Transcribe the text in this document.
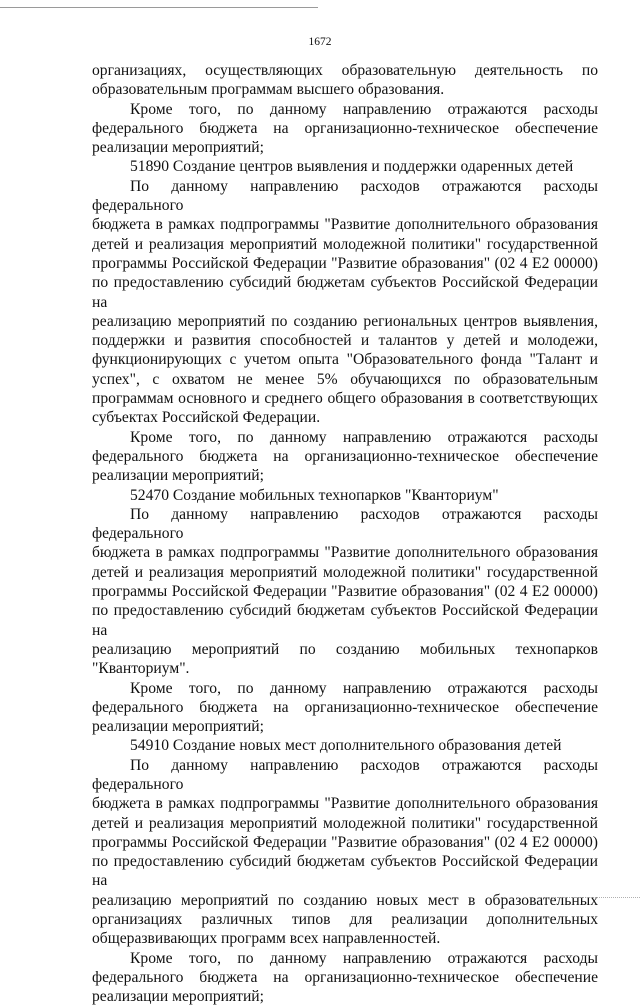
1672

организациях, осуществляющих образовательную деятельность по

образовательным программам высшего образования.

Кроме того, по данному направлению отражаются расходы

федерального бюджета на организационно-техническое обеспечение

реализации мероприятий;

51890 Создание центров выявления и поддержки одаренных детей

По данному направлению расходов отражаются расходы федерального

бюджета в рамках подпрограммы "Развитие дополнительного образования

детей и реализация мероприятий молодежной политики" государственной

программы Российской Федерации "Развитие образования" (02 4 Е2 00000)

по предоставлению субсидий бюджетам субъектов Российской Федерации на

реализацию мероприятий по созданию региональных центров выявления,

поддержки и развития способностей и талантов у детей и молодежи,

функционирующих с учетом опыта "Образовательного фонда "Талант и

успех", с охватом не менее 5% обучающихся по образовательным

программам основного и среднего общего образования в соответствующих

субъектах Российской Федерации.

Кроме того, по данному направлению отражаются расходы

федерального бюджета на организационно-техническое обеспечение

реализации мероприятий;

52470 Создание мобильных технопарков "Кванториум"

По данному направлению расходов отражаются расходы федерального

бюджета в рамках подпрограммы "Развитие дополнительного образования

детей и реализация мероприятий молодежной политики" государственной

программы Российской Федерации "Развитие образования" (02 4 Е2 00000)

по предоставлению субсидий бюджетам субъектов Российской Федерации на

реализацию мероприятий по созданию мобильных технопарков

"Кванториум".

Кроме того, по данному направлению отражаются расходы

федерального бюджета на организационно-техническое обеспечение

реализации мероприятий;

54910 Создание новых мест дополнительного образования детей

По данному направлению расходов отражаются расходы федерального

бюджета в рамках подпрограммы "Развитие дополнительного образования

детей и реализация мероприятий молодежной политики" государственной

программы Российской Федерации "Развитие образования" (02 4 Е2 00000)

по предоставлению субсидий бюджетам субъектов Российской Федерации на

реализацию мероприятий по созданию новых мест в образовательных

организациях различных типов для реализации дополнительных

общеразвивающих программ всех направленностей.

Кроме того, по данному направлению отражаются расходы

федерального бюджета на организационно-техническое обеспечение

реализации мероприятий;
